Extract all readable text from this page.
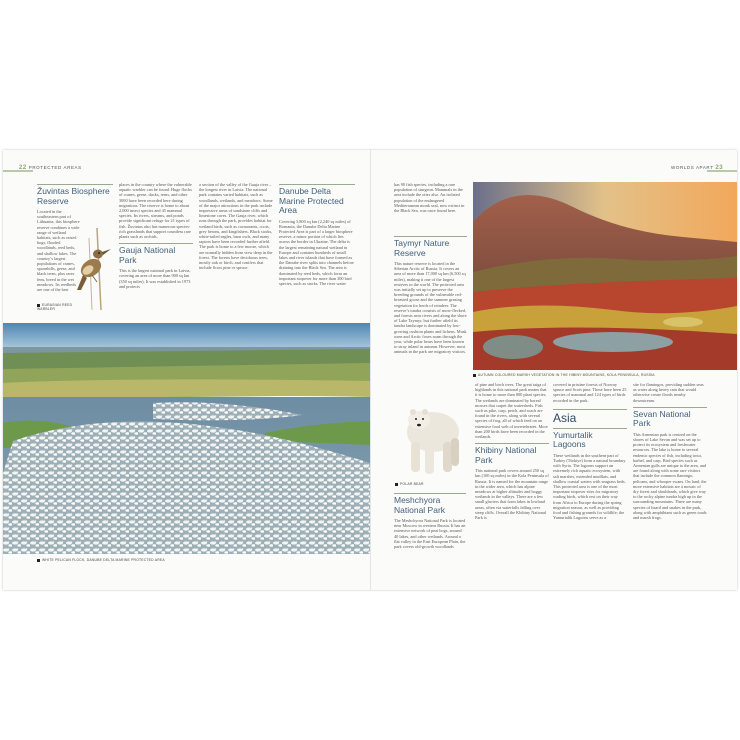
22 PROTECTED AREAS	WORLDS APART 23
Žuvintas Biosphere Reserve

Located in the southeastern part of Lithuania, this biosphere reserve combines a wide range of wetland habitats, such as raised bogs, flooded woodlands, reed beds, and shallow lakes. The country’s largest populations of cranes, spoonbills, geese, and black terns, plus rarer fens, breed in the wet meadows. Its reedbeds are one of the best

EURASIAN REED WARBLER

places in the country where the vulnerable aquatic warbler can be found. Huge flocks of cranes, geese, ducks, terns, and other 3000 have been recorded here during migrations. The reserve is home to about 2,000 insect species and 45 mammal species. Its rivers, streams, and ponds provide significant refuge for 21 types of fish. Žuvintas also has numerous species-rich grasslands that support countless rare plants such as orchids.

Gauja National Park

This is the largest national park in Latvia, covering an area of more than 900 sq km (350 sq miles). It was established in 1973 and protects

a section of the valley of the Gauja river – the longest river in Latvia. The national park contains varied habitats, such as woodlands, wetlands, and meadows. Some of the major attractions in the park include impressive areas of sandstone cliffs and limestone caves. The Gauja river, which runs through the park, provides habitat for wetland birds, such as cormorants, coots, grey herons, and kingfishers. Black storks, white-tailed eagles, barn owls, and many raptors have been recorded further afield. The park is home to a few moose, which are normally hidden from view deep in the forest. The forests have deciduous trees, mostly oak or birch, and conifers that include Scots pine or spruce.

Danube Delta Marine Protected Area

Covering 5,800 sq km (2,240 sq miles) of Romania, the Danube Delta Marine Protected Area is part of a larger biosphere reserve, a minor portion of which lies across the border in Ukraine. The delta is the largest remaining natural wetland in Europe and contains hundreds of small lakes and river islands that have formed as the Danube river splits into channels before draining into the Black Sea. The area is dominated by reed beds, which form an important stopover for more than 300 bird species, such as storks. The river water

WHITE PELICAN FLOCK, DANUBE DELTA MARINE PROTECTED AREA

has 90 fish species, including a rare population of sturgeon. Mammals in the area include the otter also. An isolated population of the endangered Mediterranean monk seal, now extinct in the Black Sea, was once found here.

Taymyr Nature Reserve

This nature reserve is located in the Siberian Arctic of Russia. It covers an area of more than 17,000 sq km (6,500 sq miles), making it one of the largest reserves in the world. The protected area was initially set up to preserve the breeding grounds of the vulnerable red-breasted goose and the summer grazing vegetation for herds of reindeer. The reserve’s tundra consists of snow-flecked, and forests near rivers and along the shore of Lake Taymyr, but further afield its tundra landscape is dominated by low-growing cushion plants and lichens. Musk oxen and Arctic foxes roam through the year, while polar bears have been known to stray inland in autumn. However, most animals in the park are migratory visitors.

AUTUMN COLOURED MARSH VEGETATION IN THE HIBINY MOUNTAINS, KOLA PENINSULA, RUSSIA
POLAR BEAR
Meshchyora National Park

The Meshchyora National Park is located near Moscow in western Russia. It has an extensive network of peat bogs, around 40 lakes, and other wetlands. Around a flat valley in the East European Plain, the park covers old-growth woodlands

of pine and birch trees. The great taiga of highlands in this national park means that it is home to more than 800 plant species. The wetlands are dominated by boreal mosses that carpet the watersheds. Fish such as pike, carp, perch, and roach are found in the rivers, along with several species of frog, all of which feed on an extensive food web of invertebrates. More than 200 birds have been recorded in the wetlands.

Khibiny National Park

This national park covers around 250 sq km (100 sq miles) in the Kola Peninsula of Russia. It is named for the mountain range in the wider area, which has alpine meadows at higher altitudes and boggy wetlands in the valleys. There are a few small glaciers that form lakes in lowland areas, often via waterfalls falling over steep cliffs. Overall the Khibiny National Park is

covered in pristine forests of Norway spruce and Scots pine. These have been 25 species of mammal and 124 types of birds recorded in the park.

Asia
Yumurtalik Lagoons

These wetlands in the southern part of Turkey (Türkiye) form a natural boundary with Syria. The lagoons support an extremely rich aquatic ecosystem, with salt marshes, extended mudflats, and shallow coastal waters with seagrass beds. This protected area is one of the most important stopover sites for migratory wading birds, which rest on their way from Africa to Europe during the spring migration season, as well as providing food and fishing grounds for wildlife; the Yumurtalik Lagoons serve as a

site for flamingos, providing sudden seas as water along heavy rain that would otherwise create floods nearby downstream.

Sevan National Park

This Armenian park is centred on the shores of Lake Sevan and was set up to protect its ecosystem and freshwater resources. The lake is home to several endemic species of fish, including trout, barbel, and carp. Bird species such as Armenian gulls are unique to the area, and are found along with some rare visitors that include the common flamingo, pelicans, and whooper swans. On land, the more extensive habitats are a mosaic of dry forest and shrublands, which give way to the rocky alpine tundra high up in the surrounding mountains. There are many species of lizard and snakes in the park, along with amphibians such as green toads and marsh frogs.
